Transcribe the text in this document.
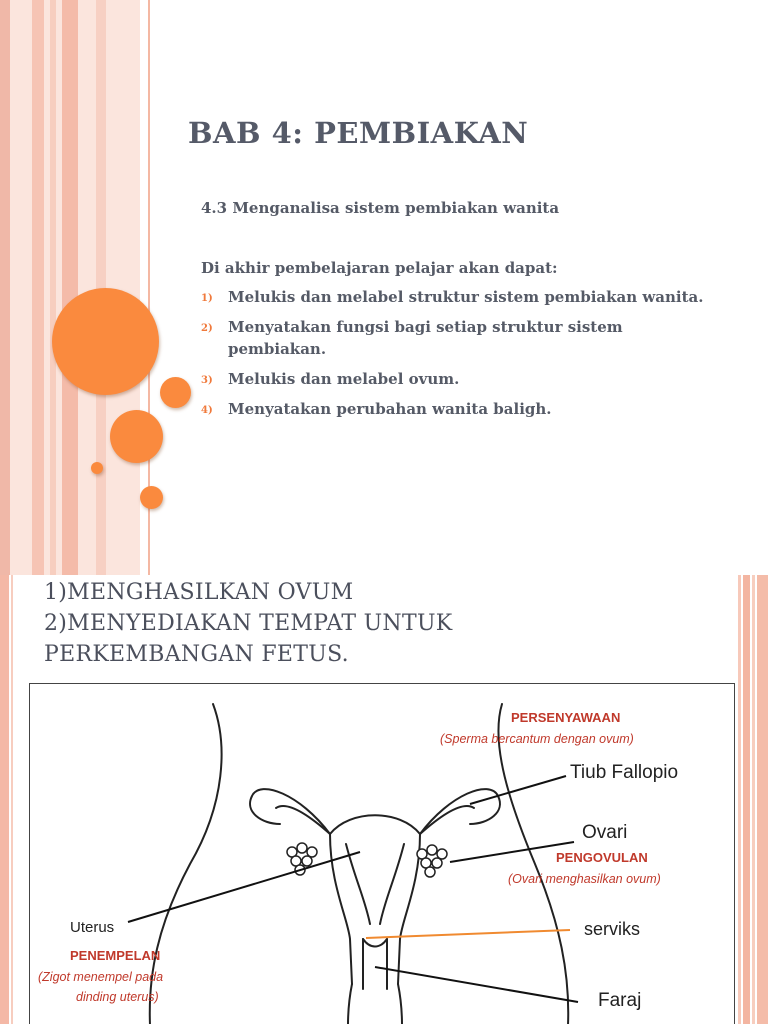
BAB 4: PEMBIAKAN
4.3 Menganalisa sistem pembiakan wanita
Di akhir pembelajaran pelajar akan dapat:
1) Melukis dan melabel struktur sistem pembiakan wanita.
2) Menyatakan fungsi bagi setiap struktur sistem pembiakan.
3) Melukis dan melabel ovum.
4) Menyatakan perubahan wanita baligh.
1)MENGHASILKAN OVUM
2)MENYEDIAKAN TEMPAT UNTUK
PERKEMBANGAN FETUS.
PERSENYAWAAN
(Sperma bercantum dengan ovum)
Tiub Fallopio
Ovari
PENGOVULAN
(Ovari menghasilkan ovum)
Uterus
PENEMPELAN
(Zigot menempel pada
dinding uterus)
serviks
Faraj
